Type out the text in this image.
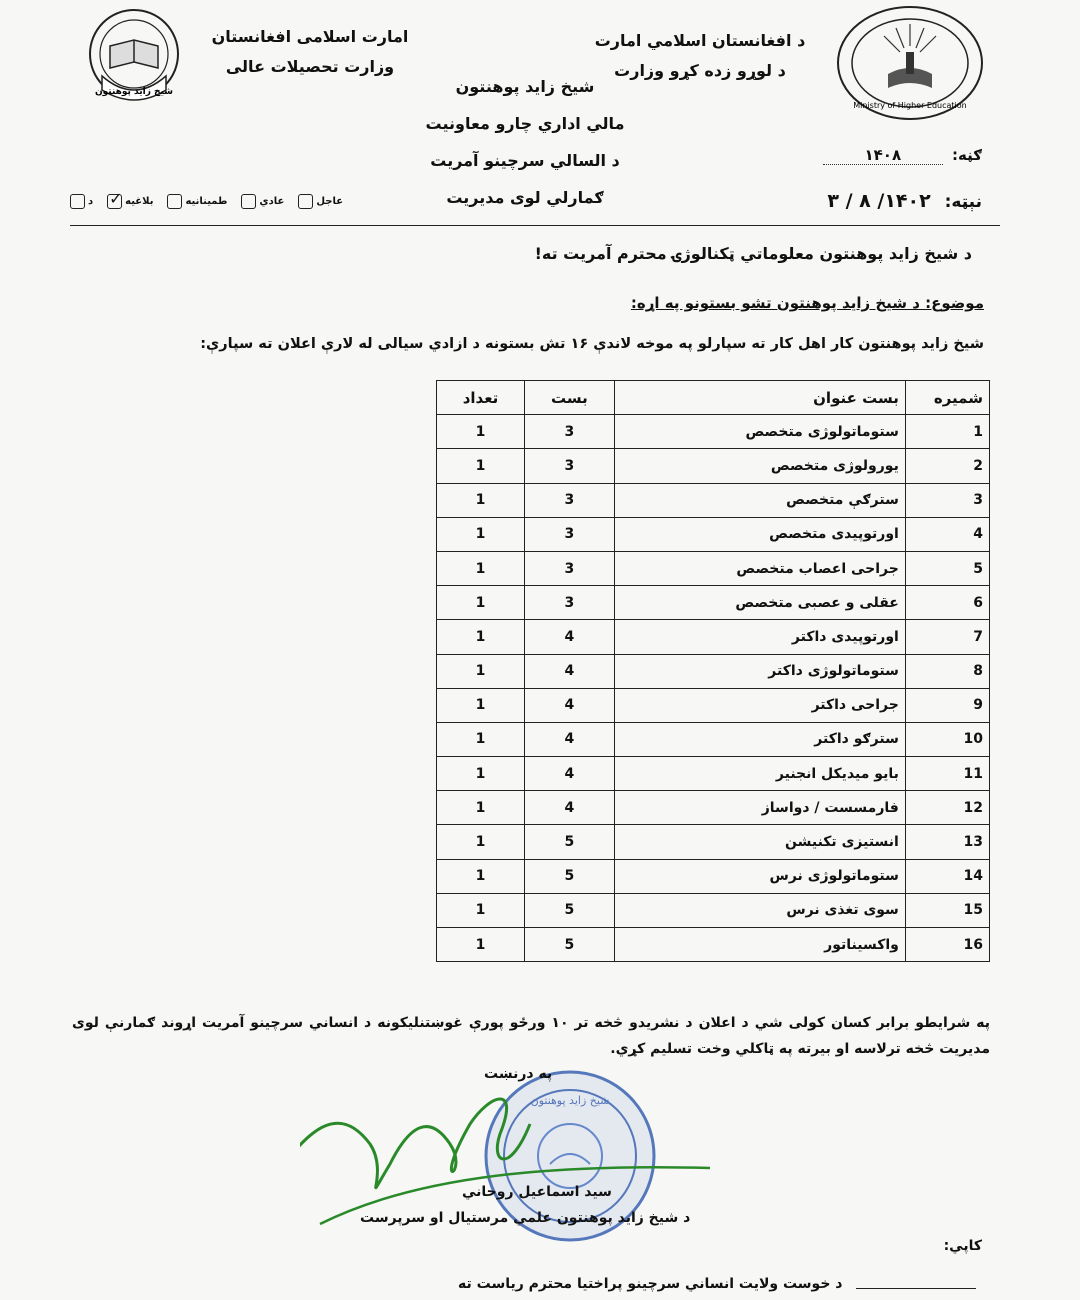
Ministry of Higher Education
شیخ زاید پوهنتون
د افغانستان اسلامي امارت
د لوړو زده کړو وزارت
امارت اسلامی افغانستان
وزارت تحصیلات عالی
شیخ زاید پوهنتون
مالي اداري چارو معاونیت
د السالي سرچینو آمریت
ګمارلي لوی مدیریت
ګڼه: ۱۴۰۸
نېټه: ۱۴۰۲/ ۸ / ۳
عاجل
عادي
طمینانیه
بلاغیه
✓
د
د شیخ زاید پوهنتون معلوماتي ټکنالوژۍ محترم آمریت ته!
موضوع: د شیخ زاید پوهنتون تشو بستونو په اړه:
شیخ زاید پوهنتون کار اهل کار ته سپارلو په موخه لاندې ۱۶ تش بستونه د ازادي سیالی له لارې اعلان ته سپارې:
شمیره	بست عنوان	بست	تعداد
1	ستوماتولوژی متخصص	3	1
2	یورولوژی متخصص	3	1
3	سترګې متخصص	3	1
4	اورتوپیدی متخصص	3	1
5	جراحی اعصاب متخصص	3	1
6	عقلی و عصبی متخصص	3	1
7	اورتوپیدی داکتر	4	1
8	ستوماتولوژی داکتر	4	1
9	جراحی داکتر	4	1
10	سترګو داکتر	4	1
11	بایو میدیکل انجنیر	4	1
12	فارمسست / دواساز	4	1
13	انستیزی تکنیشن	5	1
14	ستوماتولوژی نرس	5	1
15	سوی تغذی نرس	5	1
16	واکسیناتور	5	1
په شرایطو برابر کسان کولی شي د اعلان د نشریدو څخه تر ۱۰ ورځو پورې غوښتنلیکونه د انساني سرچینو آمریت اړوند ګمارنې لوی مدیریت څخه ترلاسه او بیرته په ټاکلي وخت تسلیم کړي.
شیخ زاید پوهنتون
په درنښت
سید اسماعیل روحاني
د شیخ زاید پوهنتون علمي مرستیال او سرپرست
کاپي:
د خوست ولایت انساني سرچینو پراختیا محترم ریاست ته
